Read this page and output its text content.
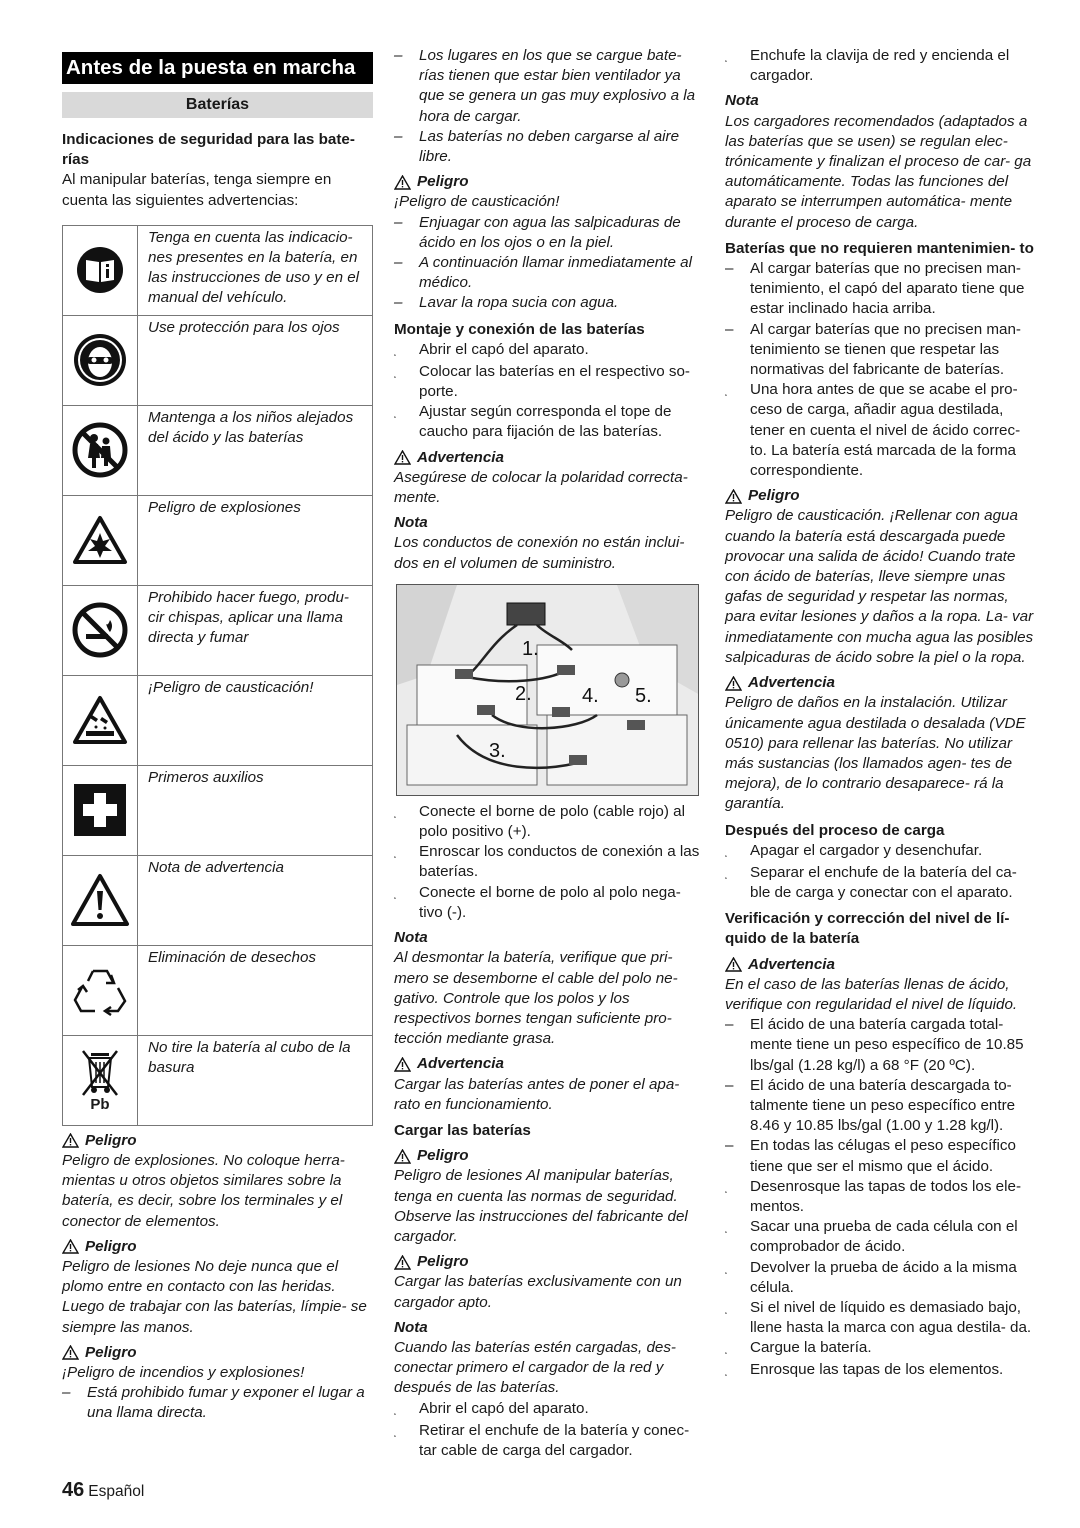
Antes de la puesta en marcha
Baterías
Indicaciones de seguridad para las bate- rías
Al manipular baterías, tenga siempre en cuenta las siguientes advertencias:
	Tenga en cuenta las indicacio- nes presentes en la batería, en las instrucciones de uso y en el manual del vehículo.

	Use protección para los ojos

	Mantenga a los niños alejados del ácido y las baterías

	Peligro de explosiones

	Prohibido hacer fuego, produ- cir chispas, aplicar una llama directa y fumar

	¡Peligro de causticación!

	Primeros auxilios

	Nota de advertencia

	Eliminación de desechos

Pb	No tire la batería al cubo de la basura
Peligro
Peligro de explosiones. No coloque herra- mientas u otros objetos similares sobre la batería, es decir, sobre los terminales y el conector de elementos.
Peligro
Peligro de lesiones No deje nunca que el plomo entre en contacto con las heridas. Luego de trabajar con las baterías, límpie- se siempre las manos.
Peligro
¡Peligro de incendios y explosiones!
–	Está prohibido fumar y exponer el lugar a una llama directa.
–	Los lugares en los que se cargue bate- rías tienen que estar bien ventilador ya que se genera un gas muy explosivo a la hora de cargar.
–	Las baterías no deben cargarse al aire libre.
Peligro
¡Peligro de causticación!
–	Enjuagar con agua las salpicaduras de ácido en los ojos o en la piel.
–	A continuación llamar inmediatamente al médico.
–	Lavar la ropa sucia con agua.
Montaje y conexión de las baterías
˛	Abrir el capó del aparato.
˛	Colocar las baterías en el respectivo so- porte.
˛	Ajustar según corresponda el tope de caucho para fijación de las baterías.
Advertencia
Asegúrese de colocar la polaridad correcta- mente.
Nota
Los conductos de conexión no están inclui- dos en el volumen de suministro.
1.
2.
3.
4. 5.
˛	Conecte el borne de polo (cable rojo) al polo positivo (+).
˛	Enroscar los conductos de conexión a las baterías.
˛	Conecte el borne de polo al polo nega- tivo (-).
Nota
Al desmontar la batería, verifique que pri- mero se desemborne el cable del polo ne- gativo. Controle que los polos y los respectivos bornes tengan suficiente pro- tección mediante grasa.
Advertencia
Cargar las baterías antes de poner el apa- rato en funcionamiento.
Cargar las baterías
Peligro
Peligro de lesiones Al manipular baterías, tenga en cuenta las normas de seguridad. Observe las instrucciones del fabricante del cargador.
Peligro
Cargar las baterías exclusivamente con un cargador apto.
Nota
Cuando las baterías estén cargadas, des- conectar primero el cargador de la red y después de las baterías.
˛	Abrir el capó del aparato.
˛	Retirar el enchufe de la batería y conec- tar cable de carga del cargador.
˛	Enchufe la clavija de red y encienda el cargador.
Nota
Los cargadores recomendados (adaptados a las baterías que se usen) se regulan elec- trónicamente y finalizan el proceso de car- ga automáticamente. Todas las funciones del aparato se interrumpen automática- mente durante el proceso de carga.
Baterías que no requieren mantenimien- to
–	Al cargar baterías que no precisen man- tenimiento, el capó del aparato tiene que estar inclinado hacia arriba.
–	Al cargar baterías que no precisen man- tenimiento se tienen que respetar las normativas del fabricante de baterías.
˛	Una hora antes de que se acabe el pro- ceso de carga, añadir agua destilada, tener en cuenta el nivel de ácido correc- to. La batería está marcada de la forma correspondiente.
Peligro
Peligro de causticación. ¡Rellenar con agua cuando la batería está descargada puede provocar una salida de ácido! Cuando trate con ácido de baterías, lleve siempre unas gafas de seguridad y respetar las normas, para evitar lesiones y daños a la ropa. La- var inmediatamente con mucha agua las posibles salpicaduras de ácido sobre la piel o la ropa.
Advertencia
Peligro de daños en la instalación. Utilizar únicamente agua destilada o desalada (VDE 0510) para rellenar las baterías. No utilizar más sustancias (los llamados agen- tes de mejora), de lo contrario desaparece- rá la garantía.
Después del proceso de carga
˛	Apagar el cargador y desenchufar.
˛	Separar el enchufe de la batería del ca- ble de carga y conectar con el aparato.
Verificación y corrección del nivel de lí- quido de la batería
Advertencia
En el caso de las baterías llenas de ácido, verifique con regularidad el nivel de líquido.
–	El ácido de una batería cargada total- mente tiene un peso específico de 10.85 lbs/gal (1.28 kg/l) a 68 °F (20 ºC).
–	El ácido de una batería descargada to- talmente tiene un peso específico entre 8.46 y 10.85 lbs/gal (1.00 y 1.28 kg/l).
–	En todas las célugas el peso específico tiene que ser el mismo que el ácido.
˛	Desenrosque las tapas de todos los ele- mentos.
˛	Sacar una prueba de cada célula con el comprobador de ácido.
˛	Devolver la prueba de ácido a la misma célula.
˛	Si el nivel de líquido es demasiado bajo, llene hasta la marca con agua destila- da.
˛	Cargue la batería.
˛	Enrosque las tapas de los elementos.
46 Español
